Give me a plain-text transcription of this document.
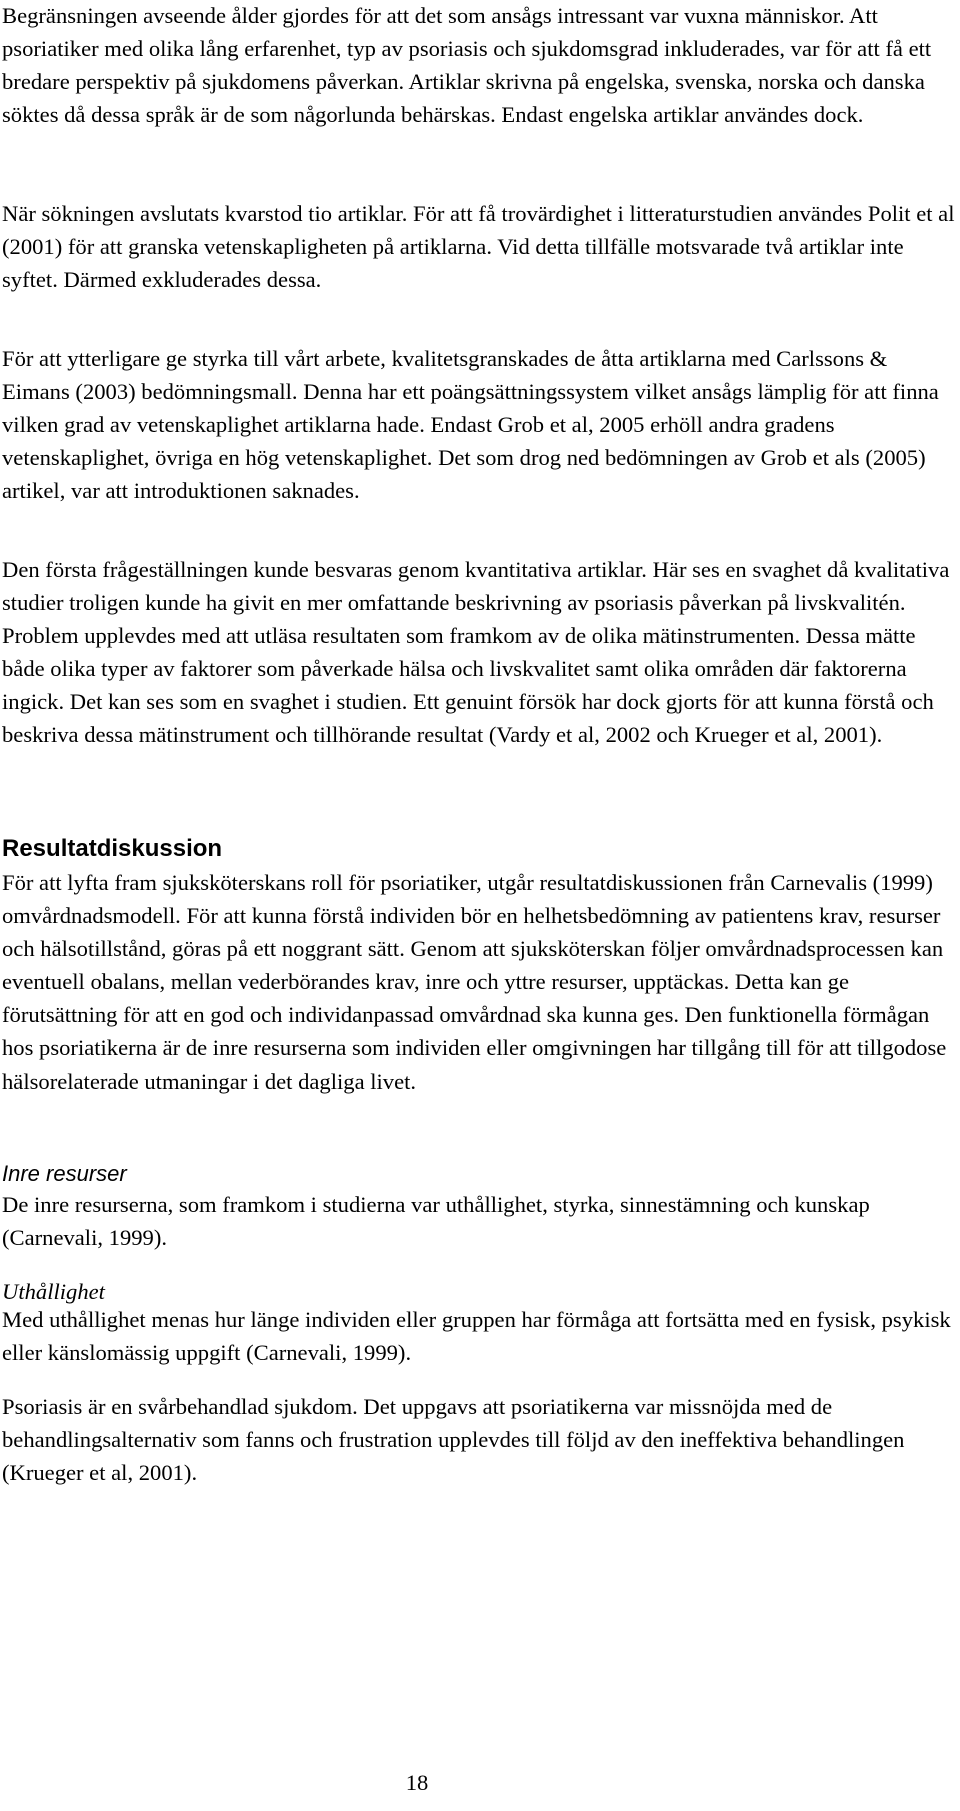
Begränsningen avseende ålder gjordes för att det som ansågs intressant var vuxna människor. Att psoriatiker med olika lång erfarenhet, typ av psoriasis och sjukdomsgrad inkluderades, var för att få ett bredare perspektiv på sjukdomens påverkan. Artiklar skrivna på engelska, svenska, norska och danska söktes då dessa språk är de som någorlunda behärskas. Endast engelska artiklar användes dock.

När sökningen avslutats kvarstod tio artiklar. För att få trovärdighet i litteraturstudien användes Polit et al (2001) för att granska vetenskapligheten på artiklarna. Vid detta tillfälle motsvarade två artiklar inte syftet. Därmed exkluderades dessa.

För att ytterligare ge styrka till vårt arbete, kvalitetsgranskades de åtta artiklarna med Carlssons & Eimans (2003) bedömningsmall. Denna har ett poängsättningssystem vilket ansågs lämplig för att finna vilken grad av vetenskaplighet artiklarna hade. Endast Grob et al, 2005 erhöll andra gradens vetenskaplighet, övriga en hög vetenskaplighet. Det som drog ned bedömningen av Grob et als (2005) artikel, var att introduktionen saknades.

Den första frågeställningen kunde besvaras genom kvantitativa artiklar. Här ses en svaghet då kvalitativa studier troligen kunde ha givit en mer omfattande beskrivning av psoriasis påverkan på livskvalitén. Problem upplevdes med att utläsa resultaten som framkom av de olika mätinstrumenten. Dessa mätte både olika typer av faktorer som påverkade hälsa och livskvalitet samt olika områden där faktorerna ingick. Det kan ses som en svaghet i studien. Ett genuint försök har dock gjorts för att kunna förstå och beskriva dessa mätinstrument och tillhörande resultat (Vardy et al, 2002 och Krueger et al, 2001).

Resultatdiskussion

För att lyfta fram sjuksköterskans roll för psoriatiker, utgår resultatdiskussionen från Carnevalis (1999) omvårdnadsmodell. För att kunna förstå individen bör en helhetsbedömning av patientens krav, resurser och hälsotillstånd, göras på ett noggrant sätt. Genom att sjuksköterskan följer omvårdnadsprocessen kan eventuell obalans, mellan vederbörandes krav, inre och yttre resurser, upptäckas. Detta kan ge förutsättning för att en god och individanpassad omvårdnad ska kunna ges. Den funktionella förmågan hos psoriatikerna är de inre resurserna som individen eller omgivningen har tillgång till för att tillgodose hälsorelaterade utmaningar i det dagliga livet.

Inre resurser

De inre resurserna, som framkom i studierna var uthållighet, styrka, sinnestämning och kunskap (Carnevali, 1999).

Uthållighet

Med uthållighet menas hur länge individen eller gruppen har förmåga att fortsätta med en fysisk, psykisk eller känslomässig uppgift (Carnevali, 1999).

Psoriasis är en svårbehandlad sjukdom. Det uppgavs att psoriatikerna var missnöjda med de behandlingsalternativ som fanns och frustration upplevdes till följd av den ineffektiva behandlingen (Krueger et al, 2001).

18
